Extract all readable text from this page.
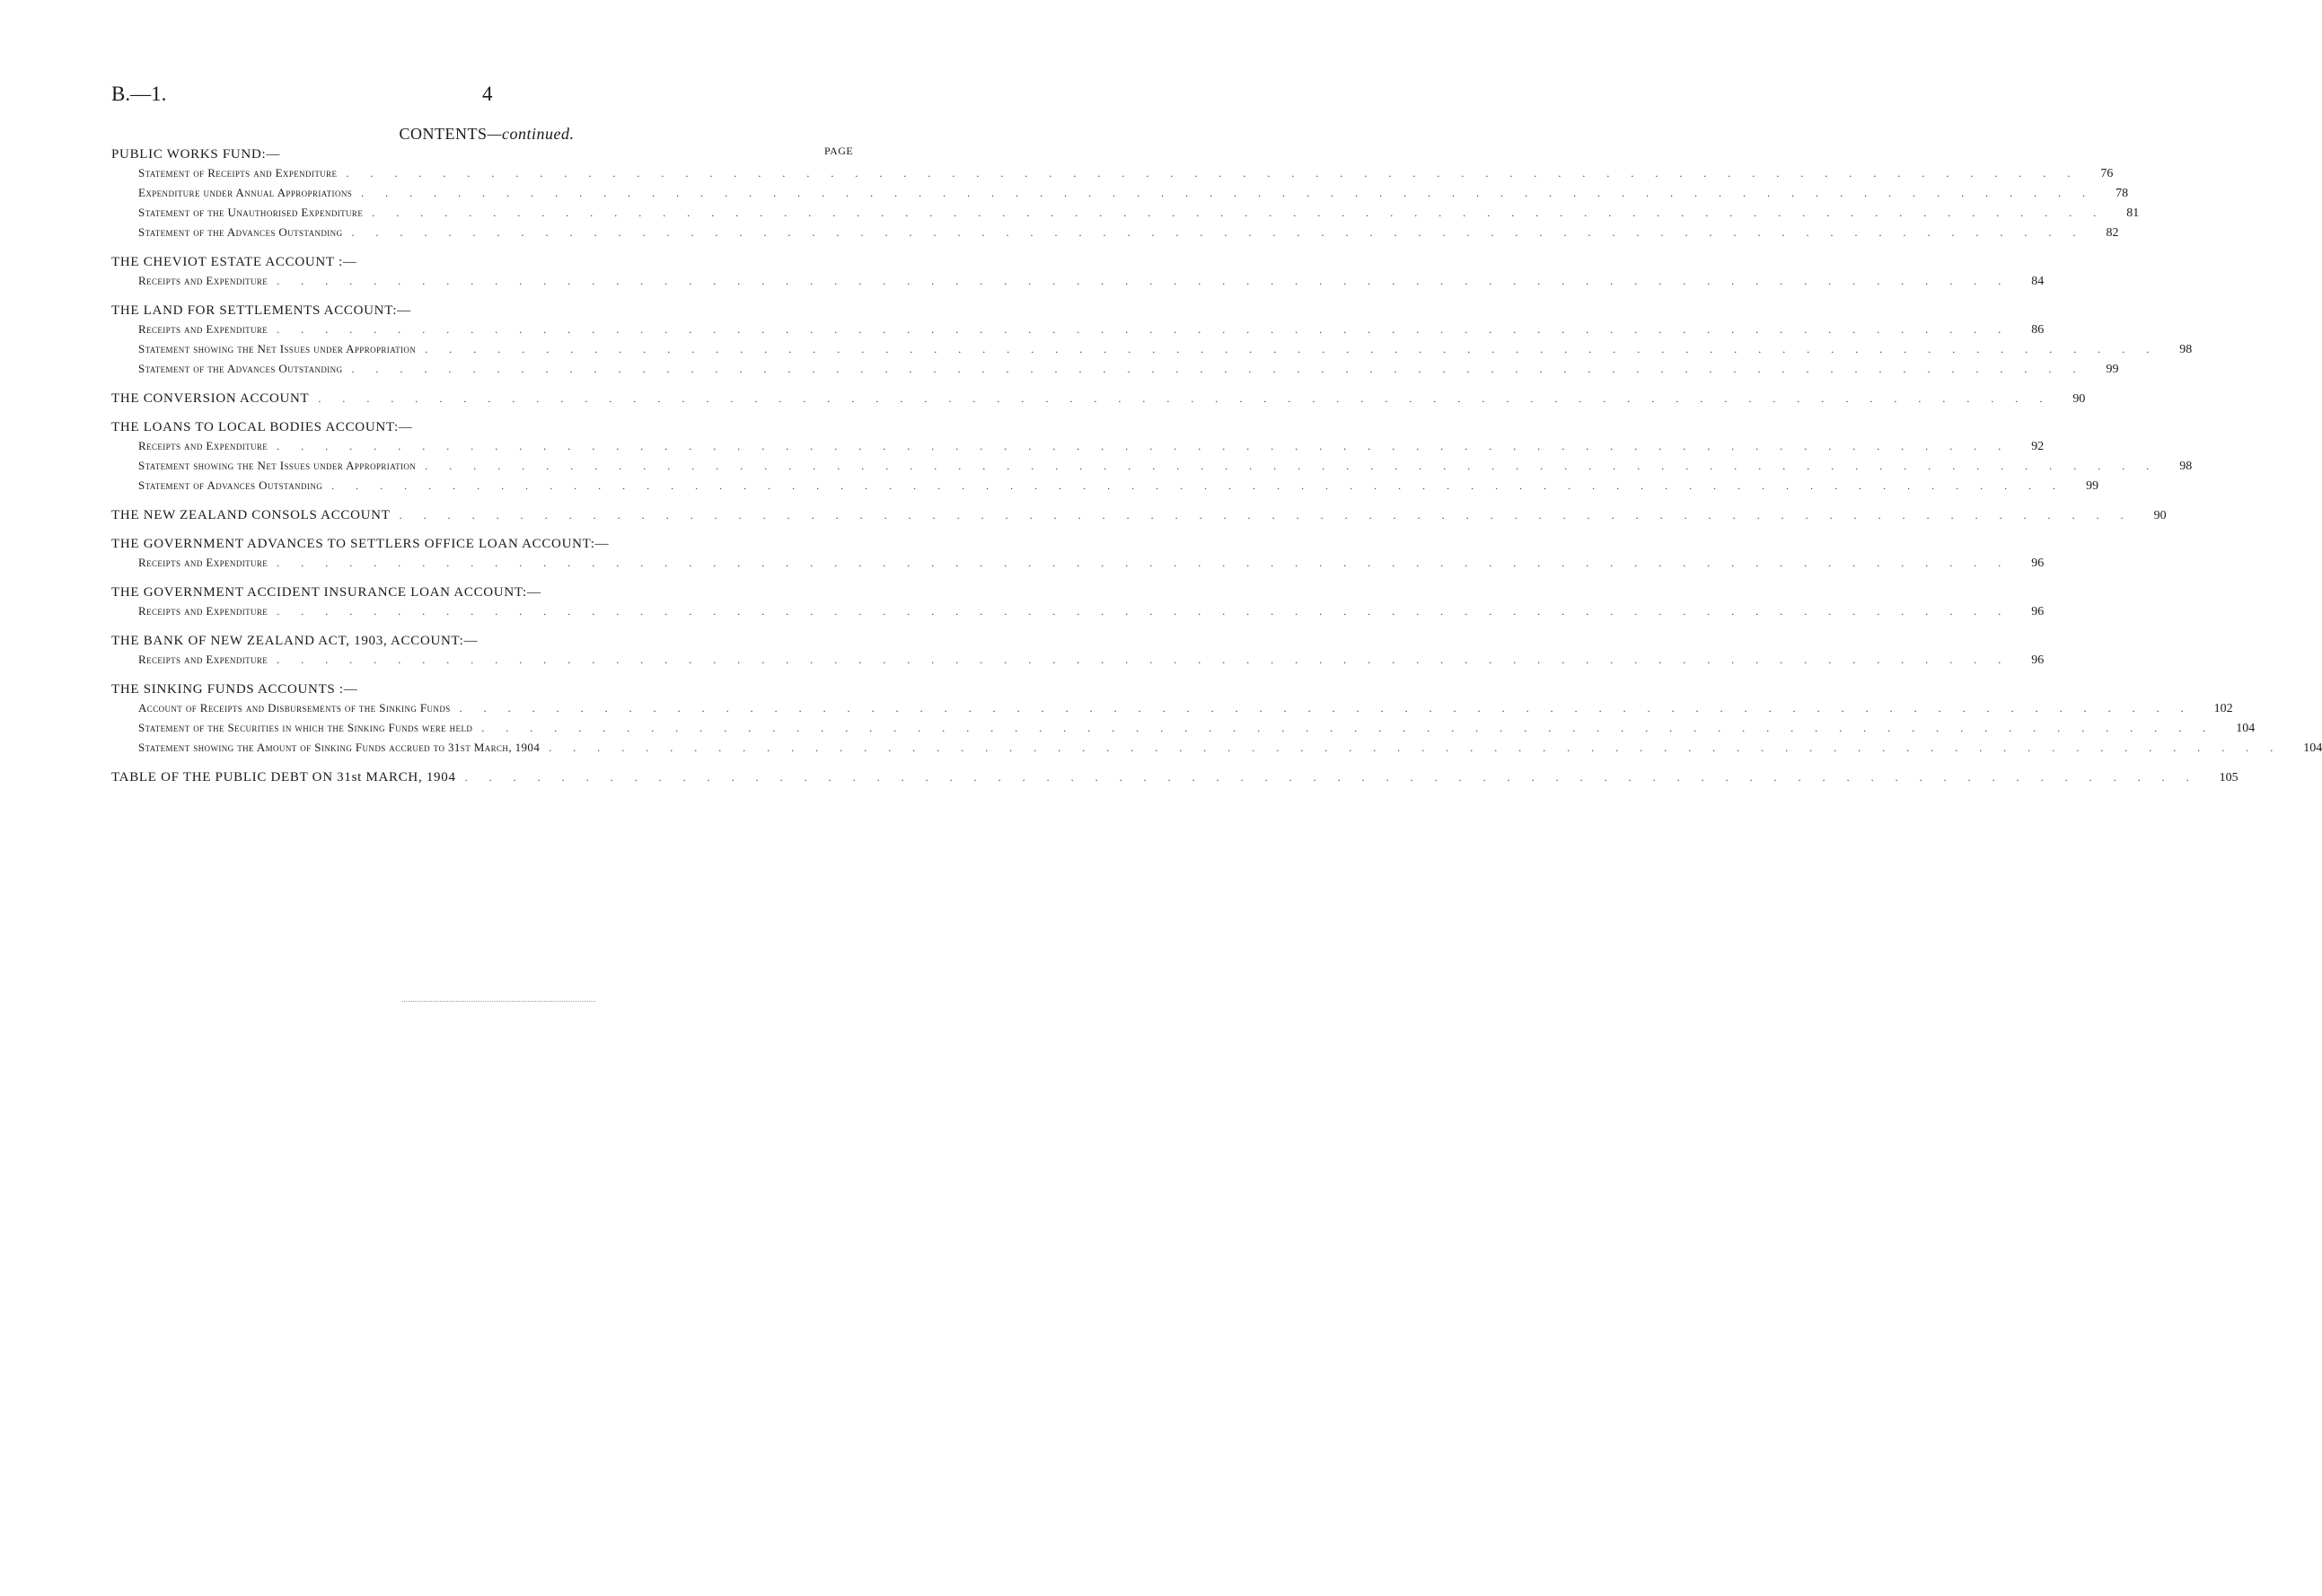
B.—1.	4
CONTENTS—continued.
PAGE
PUBLIC WORKS FUND:—
Statement of Receipts and Expenditure ........................................................................ 76
Expenditure under Annual Appropriations ........................................................................ 78
Statement of the Unauthorised Expenditure ........................................................................ 81
Statement of the Advances Outstanding ........................................................................ 82
THE CHEVIOT ESTATE ACCOUNT :—
Receipts and Expenditure ........................................................................ 84
THE LAND FOR SETTLEMENTS ACCOUNT:—
Receipts and Expenditure ........................................................................ 86
Statement showing the Net Issues under Appropriation ........................................................................ 98
Statement of the Advances Outstanding ........................................................................ 99
THE CONVERSION ACCOUNT ........................................................................ 90
THE LOANS TO LOCAL BODIES ACCOUNT:—
Receipts and Expenditure ........................................................................ 92
Statement showing the Net Issues under Appropriation ........................................................................ 98
Statement of Advances Outstanding ........................................................................ 99
THE NEW ZEALAND CONSOLS ACCOUNT ........................................................................ 90
THE GOVERNMENT ADVANCES TO SETTLERS OFFICE LOAN ACCOUNT:—
Receipts and Expenditure ........................................................................ 96
THE GOVERNMENT ACCIDENT INSURANCE LOAN ACCOUNT:—
Receipts and Expenditure ........................................................................ 96
THE BANK OF NEW ZEALAND ACT, 1903, ACCOUNT:—
Receipts and Expenditure ........................................................................ 96
THE SINKING FUNDS ACCOUNTS :—
Account of Receipts and Disbursements of the Sinking Funds ........................................................................ 102
Statement of the Securities in which the Sinking Funds were held ........................................................................ 104
Statement showing the Amount of Sinking Funds accrued to 31st March, 1904 ........................................................................ 104
TABLE OF THE PUBLIC DEBT ON 31st MARCH, 1904 ........................................................................ 105
